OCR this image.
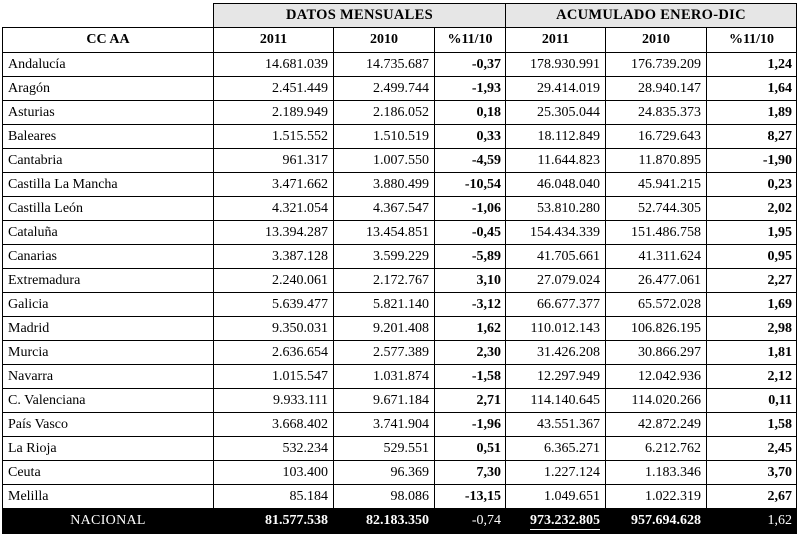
	DATOS MENSUALES			ACUMULADO ENERO-DIC		
CC AA	2011	2010	%11/10	2011	2010	%11/10
Andalucía	14.681.039	14.735.687	-0,37	178.930.991	176.739.209	1,24
Aragón	2.451.449	2.499.744	-1,93	29.414.019	28.940.147	1,64
Asturias	2.189.949	2.186.052	0,18	25.305.044	24.835.373	1,89
Baleares	1.515.552	1.510.519	0,33	18.112.849	16.729.643	8,27
Cantabria	961.317	1.007.550	-4,59	11.644.823	11.870.895	-1,90
Castilla La Mancha	3.471.662	3.880.499	-10,54	46.048.040	45.941.215	0,23
Castilla León	4.321.054	4.367.547	-1,06	53.810.280	52.744.305	2,02
Cataluña	13.394.287	13.454.851	-0,45	154.434.339	151.486.758	1,95
Canarias	3.387.128	3.599.229	-5,89	41.705.661	41.311.624	0,95
Extremadura	2.240.061	2.172.767	3,10	27.079.024	26.477.061	2,27
Galicia	5.639.477	5.821.140	-3,12	66.677.377	65.572.028	1,69
Madrid	9.350.031	9.201.408	1,62	110.012.143	106.826.195	2,98
Murcia	2.636.654	2.577.389	2,30	31.426.208	30.866.297	1,81
Navarra	1.015.547	1.031.874	-1,58	12.297.949	12.042.936	2,12
C. Valenciana	9.933.111	9.671.184	2,71	114.140.645	114.020.266	0,11
País Vasco	3.668.402	3.741.904	-1,96	43.551.367	42.872.249	1,58
La Rioja	532.234	529.551	0,51	6.365.271	6.212.762	2,45
Ceuta	103.400	96.369	7,30	1.227.124	1.183.346	3,70
Melilla	85.184	98.086	-13,15	1.049.651	1.022.319	2,67
NACIONAL	81.577.538	82.183.350	-0,74	973.232.805	957.694.628	1,62
